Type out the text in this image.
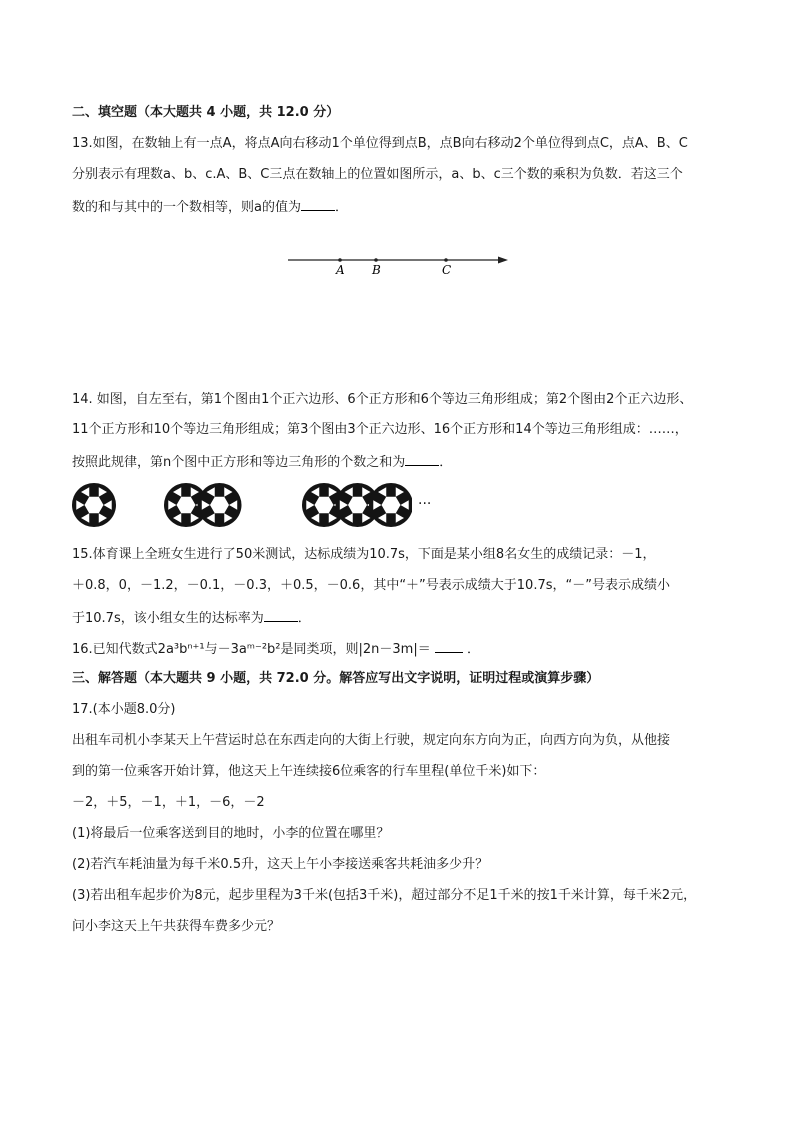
二、填空题（本大题共 4 小题，共 12.0 分）
13.如图，在数轴上有一点A，将点A向右移动1个单位得到点B，点B向右移动2个单位得到点C，点A、B、C
分别表示有理数a、b、c.A、B、C三点在数轴上的位置如图所示，a、b、c三个数的乘积为负数．若这三个
数的和与其中的一个数相等，则a的值为	．
A B	C
14. 如图，自左至右，第1个图由1个正六边形、6个正方形和6个等边三角形组成；第2个图由2个正六边形、
11个正方形和10个等边三角形组成；第3个图由3个正六边形、16个正方形和14个等边三角形组成：……，
按照此规律，第n个图中正方形和等边三角形的个数之和为	．
···
15.体育课上全班女生进行了50米测试，达标成绩为10.7s，下面是某小组8名女生的成绩记录：－1，
＋0.8，0，－1.2，－0.1，－0.3，＋0.5，－0.6，其中“＋”号表示成绩大于10.7s，“－”号表示成绩小
于10.7s，该小组女生的达标率为	．
16.已知代数式2a³bⁿ⁺¹与－3aᵐ⁻²b²是同类项，则|2n－3m|＝	．
三、解答题（本大题共 9 小题，共 72.0 分。解答应写出文字说明，证明过程或演算步骤）
17.(本小题8.0分)
出租车司机小李某天上午营运时总在东西走向的大街上行驶，规定向东方向为正，向西方向为负，从他接
到的第一位乘客开始计算，他这天上午连续接6位乘客的行车里程(单位千米)如下：
－2，＋5，－1，＋1，－6，－2
(1)将最后一位乘客送到目的地时，小李的位置在哪里？
(2)若汽车耗油量为每千米0.5升，这天上午小李接送乘客共耗油多少升？
(3)若出租车起步价为8元，起步里程为3千米(包括3千米)，超过部分不足1千米的按1千米计算，每千米2元，
问小李这天上午共获得车费多少元？
